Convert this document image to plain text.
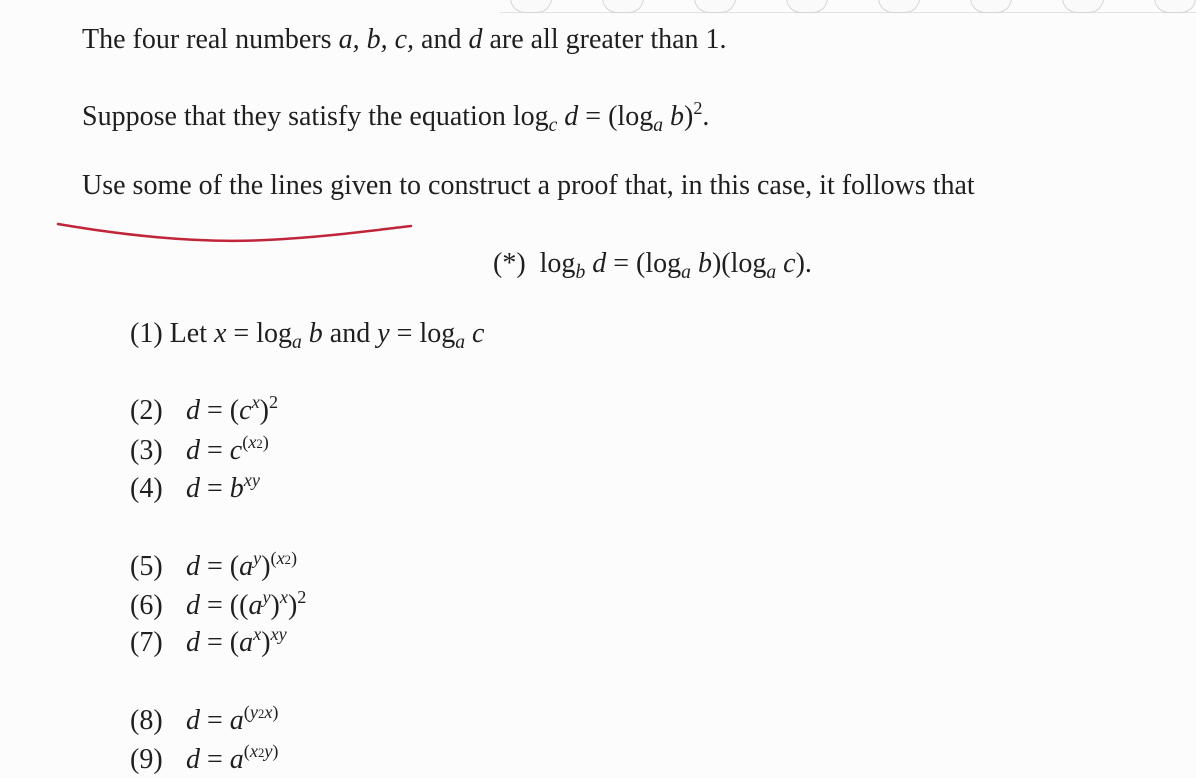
The four real numbers a, b, c, and d are all greater than 1.
Suppose that they satisfy the equation $\log_c d = (\log_a$ b)$^2$.
Use some of the lines given to construct a proof that, in this case, it follows that
(*) $\log_b d = (\log_a$ $b)(\log_a$ c).
(1) Let $x = \log_a b$ and $y = \log_a c$
(2) $d = (c^x)^2$
(3) $d = c^{(x2)}$
(4) $d = b^{xy}$
(5) $d = (a^y)^{(x2)}$
(6) $d = ((a^y)^x)^2$
(7) $d = (a^x)^{xy}$
(8) $d = a^{(y2x)}$
(9) $d = a^{(x2y)}$
